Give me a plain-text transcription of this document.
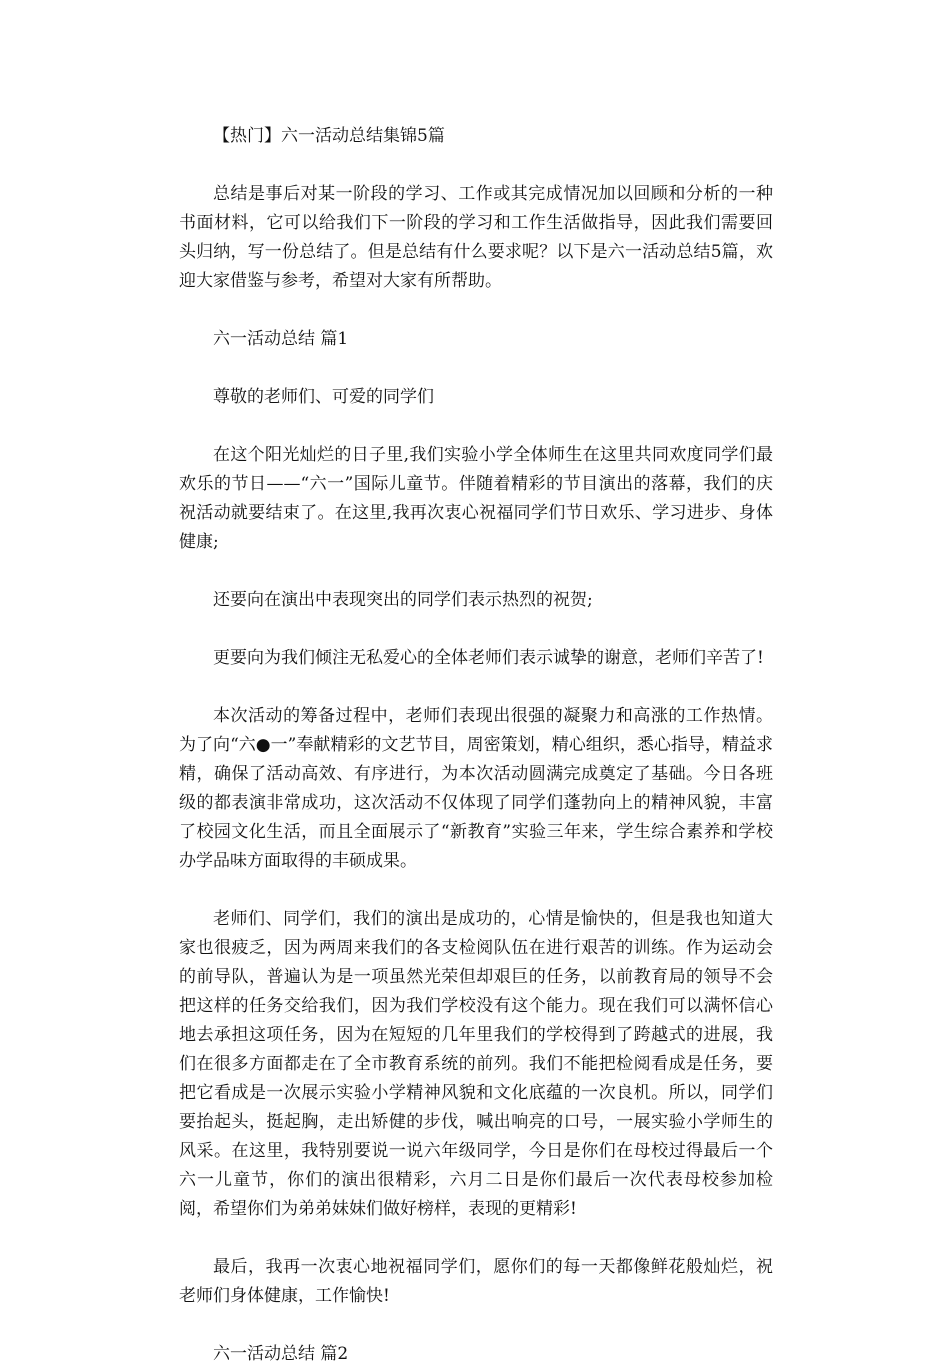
【热门】六一活动总结集锦5篇

总结是事后对某一阶段的学习、工作或其完成情况加以回顾和分析的一种书面材料，它可以给我们下一阶段的学习和工作生活做指导，因此我们需要回头归纳，写一份总结了。但是总结有什么要求呢？以下是六一活动总结5篇，欢迎大家借鉴与参考，希望对大家有所帮助。

六一活动总结 篇1

尊敬的老师们、可爱的同学们

在这个阳光灿烂的日子里,我们实验小学全体师生在这里共同欢度同学们最欢乐的节日——“六一”国际儿童节。伴随着精彩的节目演出的落幕，我们的庆祝活动就要结束了。在这里,我再次衷心祝福同学们节日欢乐、学习进步、身体健康;

还要向在演出中表现突出的同学们表示热烈的祝贺;

更要向为我们倾注无私爱心的全体老师们表示诚挚的谢意，老师们辛苦了!

本次活动的筹备过程中，老师们表现出很强的凝聚力和高涨的工作热情。为了向“六●一”奉献精彩的文艺节目，周密策划，精心组织，悉心指导，精益求精，确保了活动高效、有序进行，为本次活动圆满完成奠定了基础。今日各班级的都表演非常成功，这次活动不仅体现了同学们蓬勃向上的精神风貌，丰富了校园文化生活，而且全面展示了“新教育”实验三年来，学生综合素养和学校办学品味方面取得的丰硕成果。

老师们、同学们，我们的演出是成功的，心情是愉快的，但是我也知道大家也很疲乏，因为两周来我们的各支检阅队伍在进行艰苦的训练。作为运动会的前导队，普遍认为是一项虽然光荣但却艰巨的任务，以前教育局的领导不会把这样的任务交给我们，因为我们学校没有这个能力。现在我们可以满怀信心地去承担这项任务，因为在短短的几年里我们的学校得到了跨越式的进展，我们在很多方面都走在了全市教育系统的前列。我们不能把检阅看成是任务，要把它看成是一次展示实验小学精神风貌和文化底蕴的一次良机。所以，同学们要抬起头，挺起胸，走出矫健的步伐，喊出响亮的口号，一展实验小学师生的风采。在这里，我特别要说一说六年级同学，今日是你们在母校过得最后一个六一儿童节，你们的演出很精彩，六月二日是你们最后一次代表母校参加检阅，希望你们为弟弟妹妹们做好榜样，表现的更精彩!

最后，我再一次衷心地祝福同学们，愿你们的每一天都像鲜花般灿烂，祝老师们身体健康，工作愉快!

六一活动总结 篇2
